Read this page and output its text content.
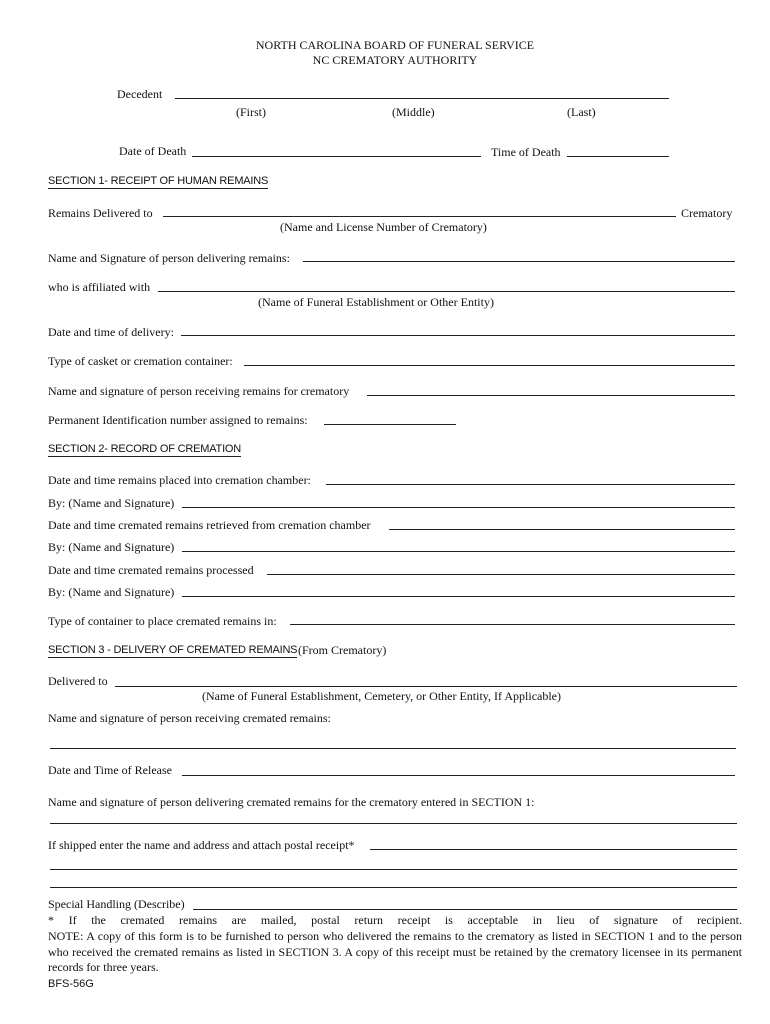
NORTH CAROLINA BOARD OF FUNERAL SERVICE
NC CREMATORY AUTHORITY
Decedent
(First)	(Middle)	(Last)
Date of Death	Time of Death
SECTION 1- RECEIPT OF HUMAN REMAINS
Remains Delivered to	Crematory
(Name and License Number of Crematory)
Name and Signature of person delivering remains:
who is affiliated with
(Name of Funeral Establishment or Other Entity)
Date and time of delivery:
Type of casket or cremation container:
Name and signature of person receiving remains for crematory
Permanent Identification number assigned to remains:
SECTION 2- RECORD OF CREMATION
Date and time remains placed into cremation chamber:
By: (Name and Signature)
Date and time cremated remains retrieved from cremation chamber
By: (Name and Signature)
Date and time cremated remains processed
By: (Name and Signature)
Type of container to place cremated remains in:
SECTION 3 - DELIVERY OF CREMATED REMAINS (From Crematory)
Delivered to
(Name of Funeral Establishment, Cemetery, or Other Entity, If Applicable)
Name and signature of person receiving cremated remains:
Date and Time of Release
Name and signature of person delivering cremated remains for the crematory entered in SECTION 1:
If shipped enter the name and address and attach postal receipt*
Special Handling (Describe)
* If the cremated remains are mailed, postal return receipt is acceptable in lieu of signature of recipient.
NOTE: A copy of this form is to be furnished to person who delivered the remains to the crematory as listed in SECTION 1 and to the person who received the cremated remains as listed in SECTION 3. A copy of this receipt must be retained by the crematory licensee in its permanent records for three years.
BFS-56G
